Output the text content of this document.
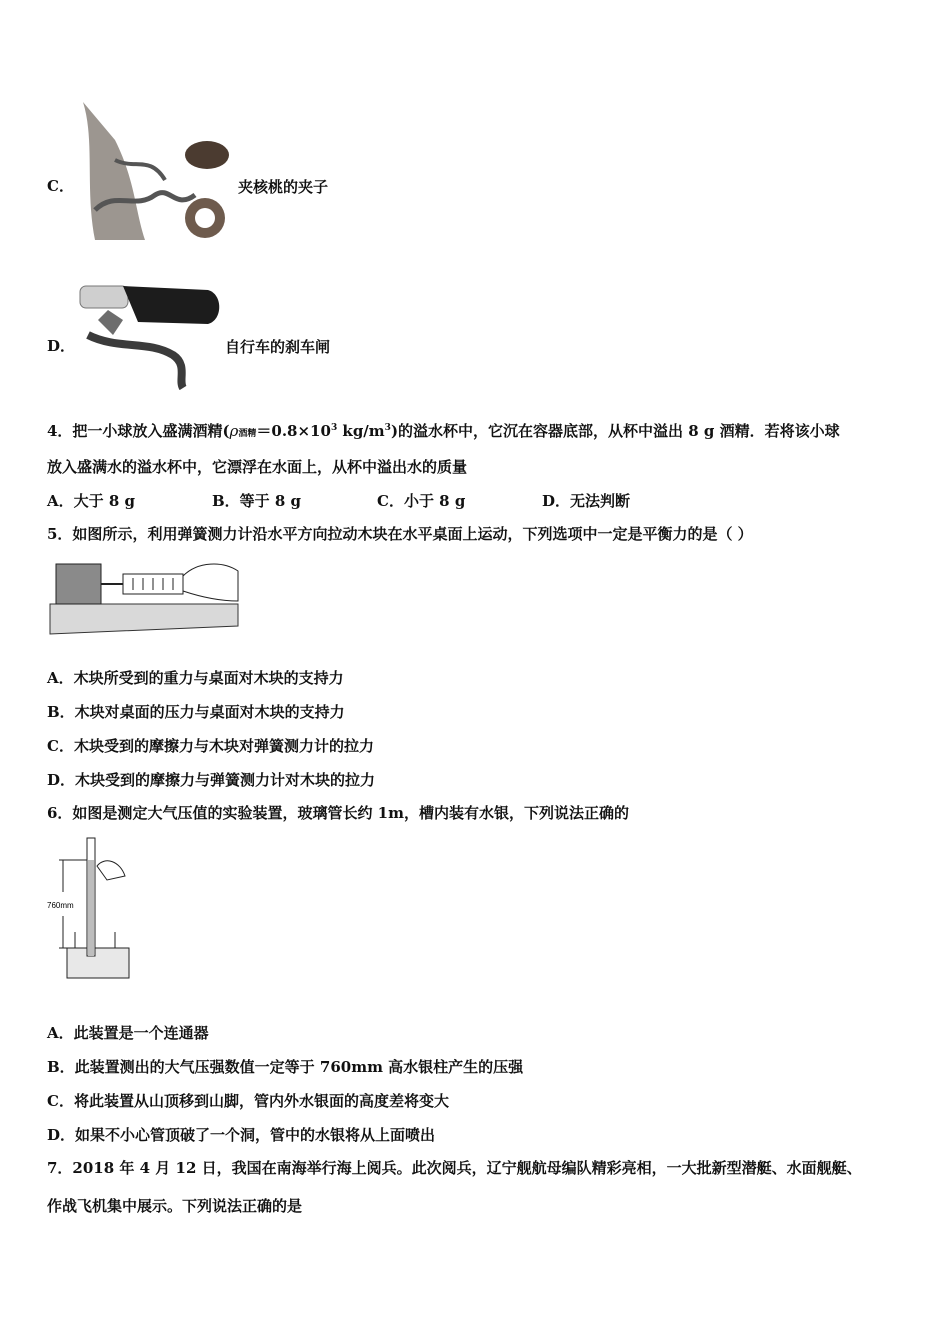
C．	夹核桃的夹子
D．	自行车的刹车闸
4．把一小球放入盛满酒精(ρ酒精$=0.8\times 10^3$ $kg/m^3$)的溢水杯中，它沉在容器底部，从杯中溢出 8 g 酒精．若将该小球
放入盛满水的溢水杯中，它漂浮在水面上，从杯中溢出水的质量
A．大于 8 g	B．等于 8 g	C．小于 8 g	D．无法判断
5．如图所示，利用弹簧测力计沿水平方向拉动木块在水平桌面上运动，下列选项中一定是平衡力的是（ ）
A．木块所受到的重力与桌面对木块的支持力
B．木块对桌面的压力与桌面对木块的支持力
C．木块受到的摩擦力与木块对弹簧测力计的拉力
D．木块受到的摩擦力与弹簧测力计对木块的拉力
6．如图是测定大气压值的实验装置，玻璃管长约 1m，槽内装有水银，下列说法正确的
760mm
A．此装置是一个连通器
B．此装置测出的大气压强数值一定等于 760mm 高水银柱产生的压强
C．将此装置从山顶移到山脚，管内外水银面的高度差将变大
D．如果不小心管顶破了一个洞，管中的水银将从上面喷出
7．2018 年 4 月 12 日，我国在南海举行海上阅兵。此次阅兵，辽宁舰航母编队精彩亮相，一大批新型潜艇、水面舰艇、
作战飞机集中展示。下列说法正确的是
